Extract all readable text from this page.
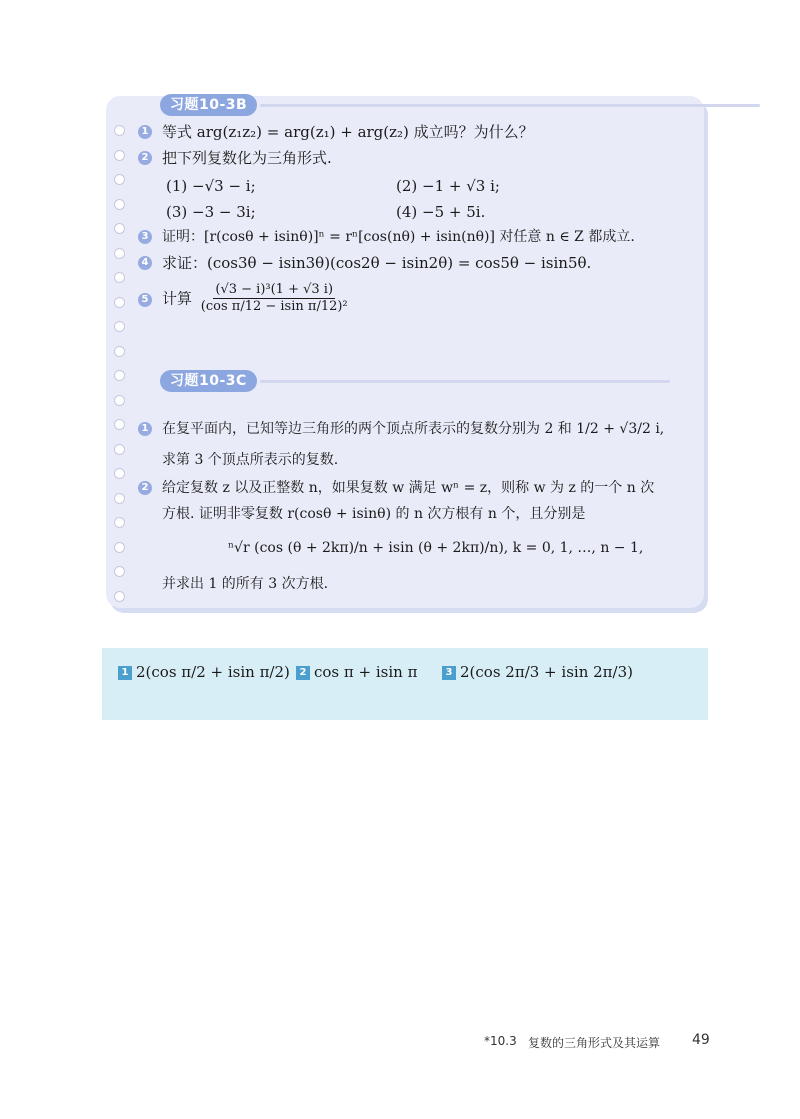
习题10-3B
1 等式 arg(z₁z₂) = arg(z₁) + arg(z₂) 成立吗？为什么？
2 把下列复数化为三角形式.
(1) −√3 − i;	(2) −1 + √3 i;
(3) −3 − 3i;	(4) −5 + 5i.
3 证明：[r(cosθ + isinθ)]ⁿ = rⁿ[cos(nθ) + isin(nθ)] 对任意 n ∈ Z 都成立.
4 求证：(cos3θ − isin3θ)(cos2θ − isin2θ) = cos5θ − isin5θ.
5 计算 $\frac{\text{(√3 − i)³(1 + √3 i)}}{\text{(cos π/12 − isin π/12)²}}$
习题10-3C
1 在复平面内，已知等边三角形的两个顶点所表示的复数分别为 2 和 1/2 + √3/2 i,
求第 3 个顶点所表示的复数.
2 给定复数 z 以及正整数 n，如果复数 w 满足 wⁿ = z，则称 w 为 z 的一个 n 次
方根. 证明非零复数 r(cosθ + isinθ) 的 n 次方根有 n 个，且分别是
ⁿ√r (cos (θ + 2kπ)/n + isin (θ + 2kπ)/n), k = 0, 1, …, n − 1,
并求出 1 的所有 3 次方根.
1 2(cos π/2 + isin π/2) 2 cos π + isin π	3 2(cos 2π/3 + isin 2π/3)
*10.3 复数的三角形式及其运算 49
